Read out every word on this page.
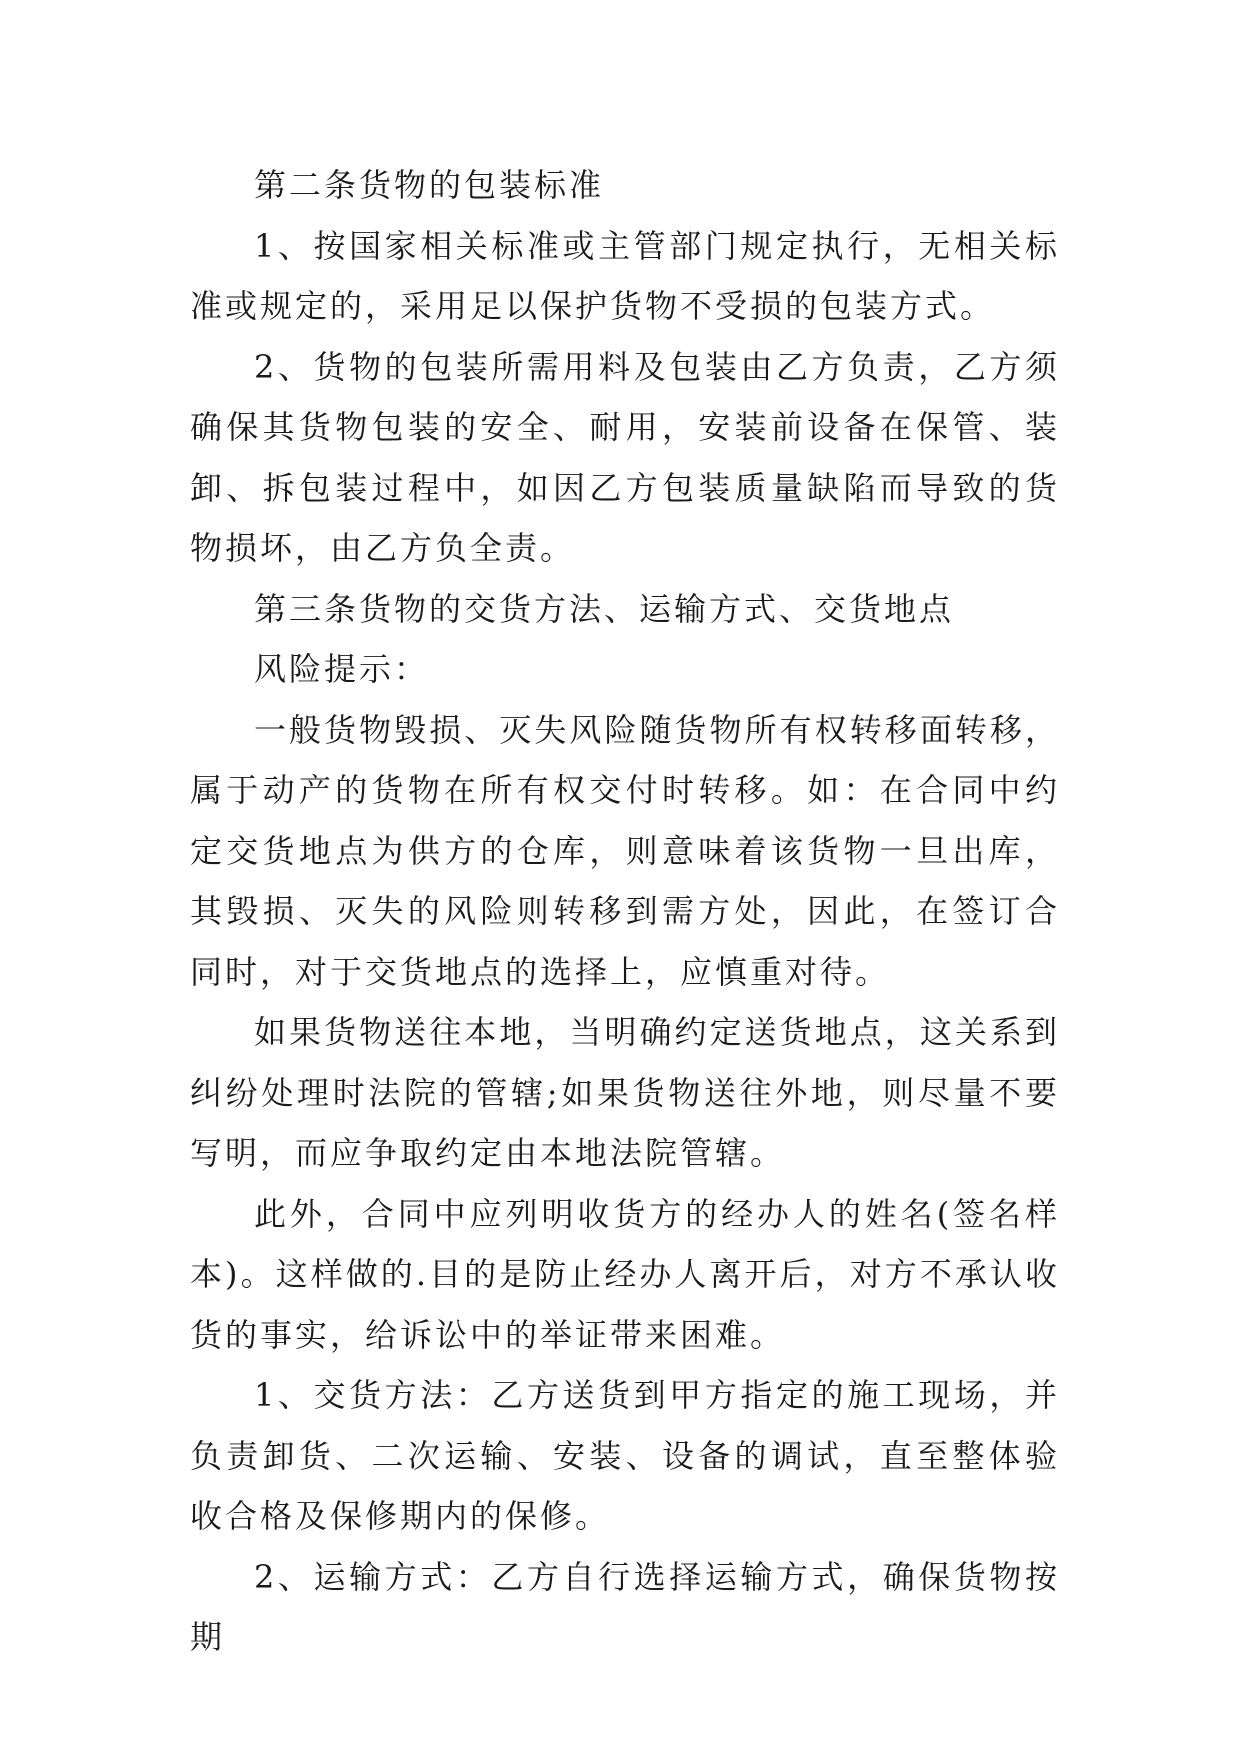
第二条货物的包装标准

1、按国家相关标准或主管部门规定执行，无相关标准或规定的，采用足以保护货物不受损的包装方式。

2、货物的包装所需用料及包装由乙方负责，乙方须确保其货物包装的安全、耐用，安装前设备在保管、装卸、拆包装过程中，如因乙方包装质量缺陷而导致的货物损坏，由乙方负全责。

第三条货物的交货方法、运输方式、交货地点

风险提示：

一般货物毁损、灭失风险随货物所有权转移面转移，属于动产的货物在所有权交付时转移。如：在合同中约定交货地点为供方的仓库，则意味着该货物一旦出库，其毁损、灭失的风险则转移到需方处，因此，在签订合同时，对于交货地点的选择上，应慎重对待。

如果货物送往本地，当明确约定送货地点，这关系到纠纷处理时法院的管辖;如果货物送往外地，则尽量不要写明，而应争取约定由本地法院管辖。

此外，合同中应列明收货方的经办人的姓名(签名样本)。这样做的.目的是防止经办人离开后，对方不承认收货的事实，给诉讼中的举证带来困难。

1、交货方法：乙方送货到甲方指定的施工现场，并负责卸货、二次运输、安装、设备的调试，直至整体验收合格及保修期内的保修。

2、运输方式：乙方自行选择运输方式，确保货物按期
